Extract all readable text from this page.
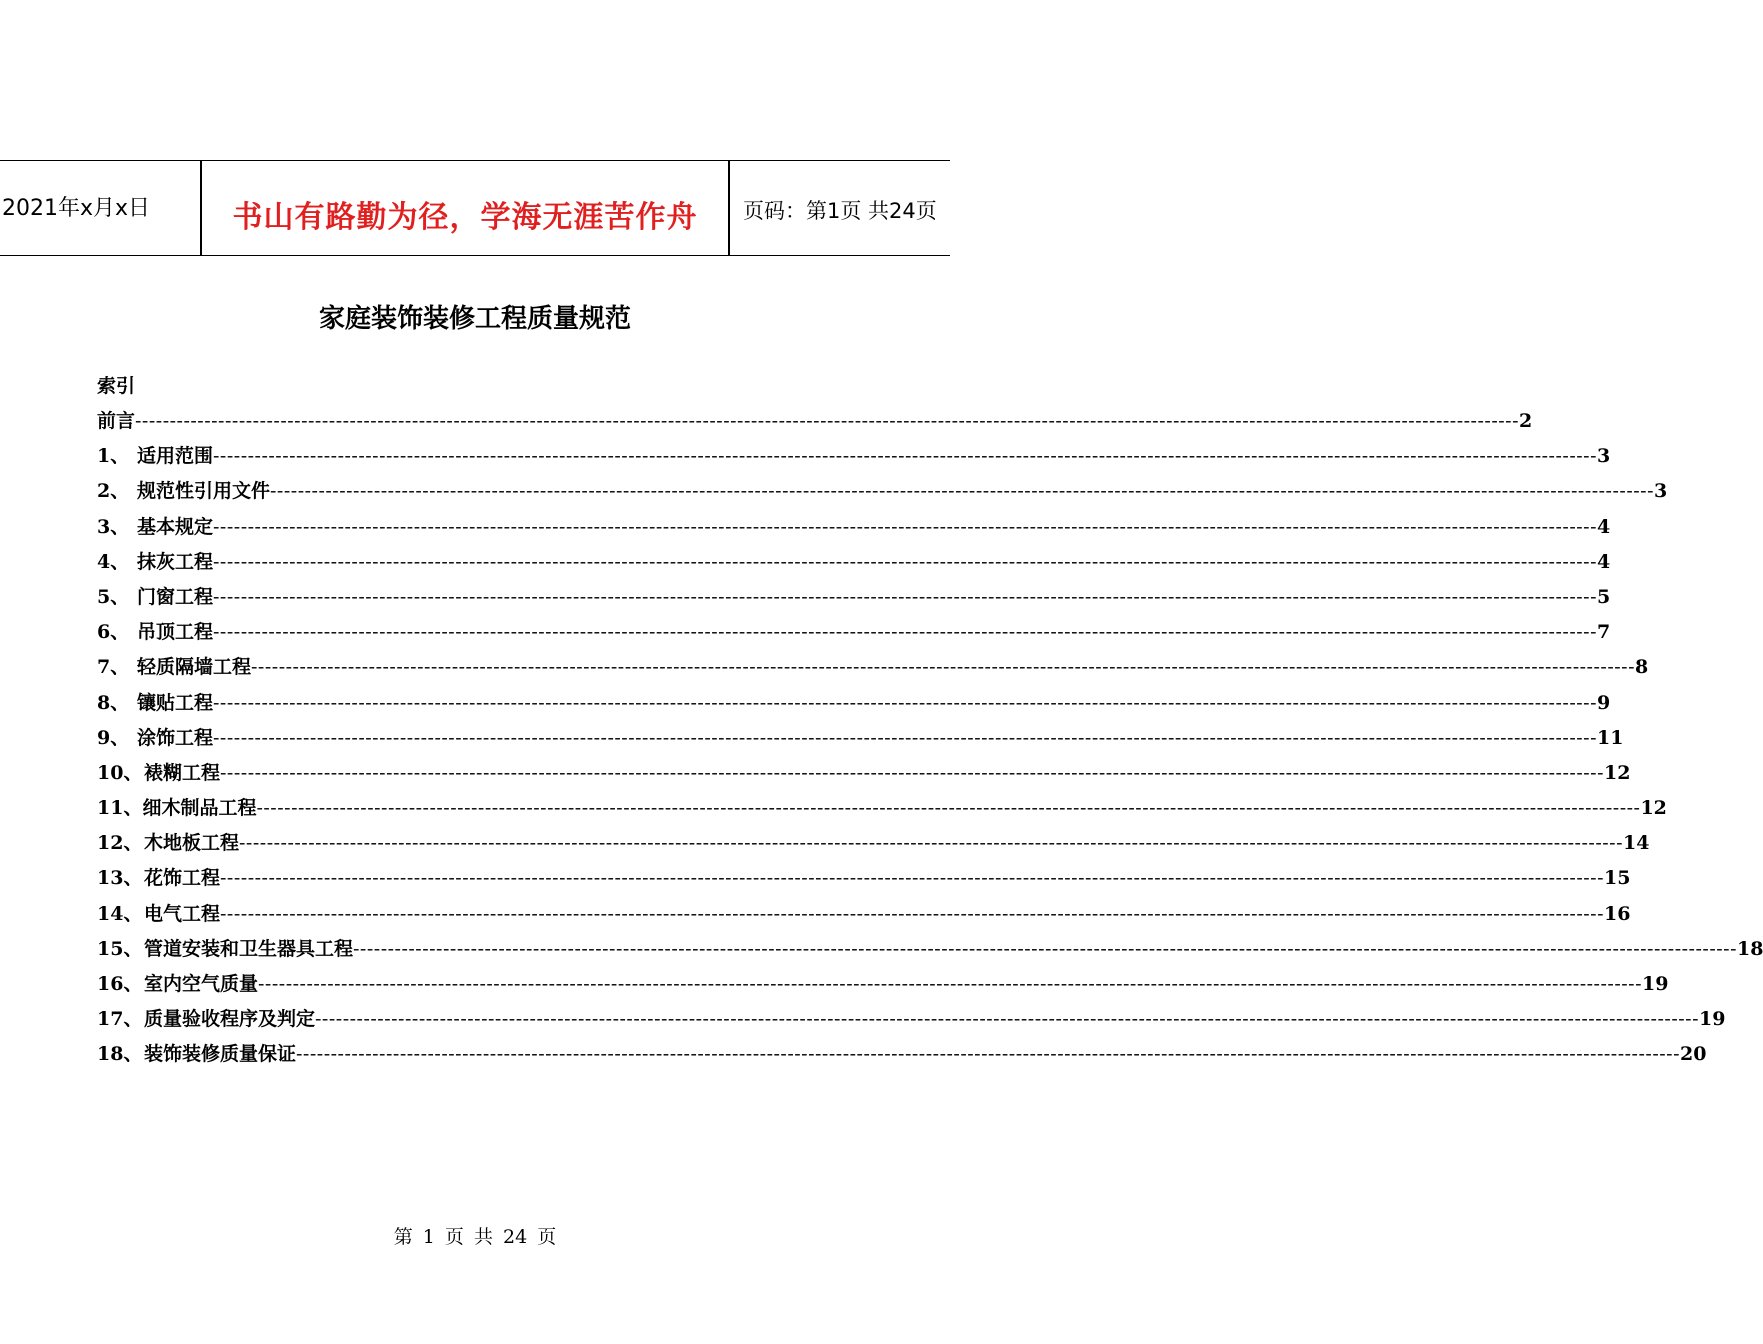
2021年x月x日	书山有路勤为径，学海无涯苦作舟	页码：第1页 共24页
家庭装饰装修工程质量规范
索引
前言 -------------------------------------------------------------------------------------------------------------------------------------------------------------------------------------------------------- 2
1、 适用范围 -------------------------------------------------------------------------------------------------------------------------------------------------------------------------------------------------------- 3
2、 规范性引用文件 -------------------------------------------------------------------------------------------------------------------------------------------------------------------------------------------------------- 3
3、 基本规定 -------------------------------------------------------------------------------------------------------------------------------------------------------------------------------------------------------- 4
4、 抹灰工程 -------------------------------------------------------------------------------------------------------------------------------------------------------------------------------------------------------- 4
5、 门窗工程 -------------------------------------------------------------------------------------------------------------------------------------------------------------------------------------------------------- 5
6、 吊顶工程 -------------------------------------------------------------------------------------------------------------------------------------------------------------------------------------------------------- 7
7、 轻质隔墙工程 -------------------------------------------------------------------------------------------------------------------------------------------------------------------------------------------------------- 8
8、 镶贴工程 -------------------------------------------------------------------------------------------------------------------------------------------------------------------------------------------------------- 9
9、 涂饰工程 -------------------------------------------------------------------------------------------------------------------------------------------------------------------------------------------------------- 11
10、 裱糊工程 -------------------------------------------------------------------------------------------------------------------------------------------------------------------------------------------------------- 12
11、 细木制品工程 -------------------------------------------------------------------------------------------------------------------------------------------------------------------------------------------------------- 12
12、 木地板工程 -------------------------------------------------------------------------------------------------------------------------------------------------------------------------------------------------------- 14
13、 花饰工程 -------------------------------------------------------------------------------------------------------------------------------------------------------------------------------------------------------- 15
14、 电气工程 -------------------------------------------------------------------------------------------------------------------------------------------------------------------------------------------------------- 16
15、 管道安装和卫生器具工程 -------------------------------------------------------------------------------------------------------------------------------------------------------------------------------------------------------- 18
16、 室内空气质量 -------------------------------------------------------------------------------------------------------------------------------------------------------------------------------------------------------- 19
17、 质量验收程序及判定 -------------------------------------------------------------------------------------------------------------------------------------------------------------------------------------------------------- 19
18、 装饰装修质量保证 -------------------------------------------------------------------------------------------------------------------------------------------------------------------------------------------------------- 20
第 1 页 共 24 页
